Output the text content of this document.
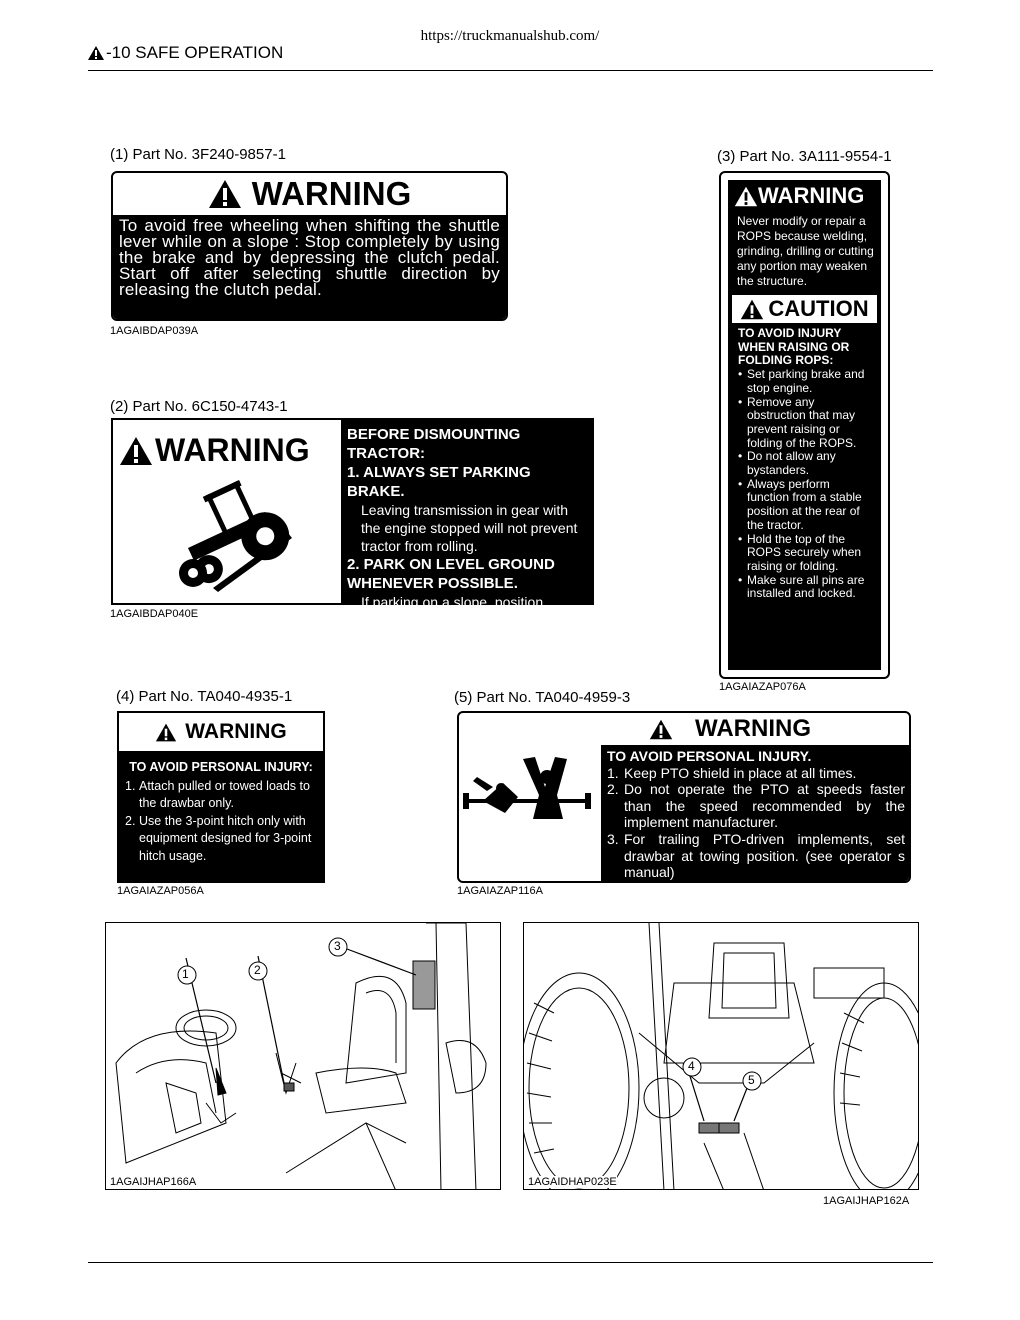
https://truckmanualshub.com/
-10 SAFE OPERATION
(1) Part No. 3F240-9857-1
WARNING
To avoid free wheeling when shifting the shuttle lever while on a slope : Stop completely by using the brake and by depressing the clutch pedal. Start off after selecting shuttle direction by releasing the clutch pedal.
1AGAIBDAP039A
(2) Part No. 6C150-4743-1
WARNING BEFORE DISMOUNTING TRACTOR:
1. ALWAYS SET PARKING BRAKE.
Leaving transmission in gear with the engine stopped will not prevent tractor from rolling.
2. PARK ON LEVEL GROUND WHENEVER POSSIBLE.
If parking on a slope, position tractor across the slope.
3. LOWER ALL IMPLEMENTS TO THE GROUND.
4. STOP THE ENGINE.
1AGAIBDAP040E
(3) Part No. 3A111-9554-1
WARNING
Never modify or repair a ROPS because welding, grinding, drilling or cutting any portion may weaken the structure.
CAUTION
TO AVOID INJURY WHEN RAISING OR FOLDING ROPS:
• Set parking brake and stop engine.
• Remove any obstruction that may prevent raising or folding of the ROPS.
• Do not allow any bystanders.
• Always perform function from a stable position at the rear of the tractor.
• Hold the top of the ROPS securely when raising or folding.
• Make sure all pins are installed and locked.
1AGAIAZAP076A
(4) Part No. TA040-4935-1
WARNING
TO AVOID PERSONAL INJURY:
1. Attach pulled or towed loads to the drawbar only.
2. Use the 3-point hitch only with equipment designed for 3-point hitch usage.
1AGAIAZAP056A
(5) Part No. TA040-4959-3
WARNING
TO AVOID PERSONAL INJURY.
1. Keep PTO shield in place at all times.
2. Do not operate the PTO at speeds faster than the speed recommended by the implement manufacturer.
3. For trailing PTO-driven implements, set drawbar at towing position. (see operator s manual)
1AGAIAZAP116A
1	2
3
1AGAIJHAP166A
4
5
1AGAIDHAP023E
1AGAIJHAP162A
